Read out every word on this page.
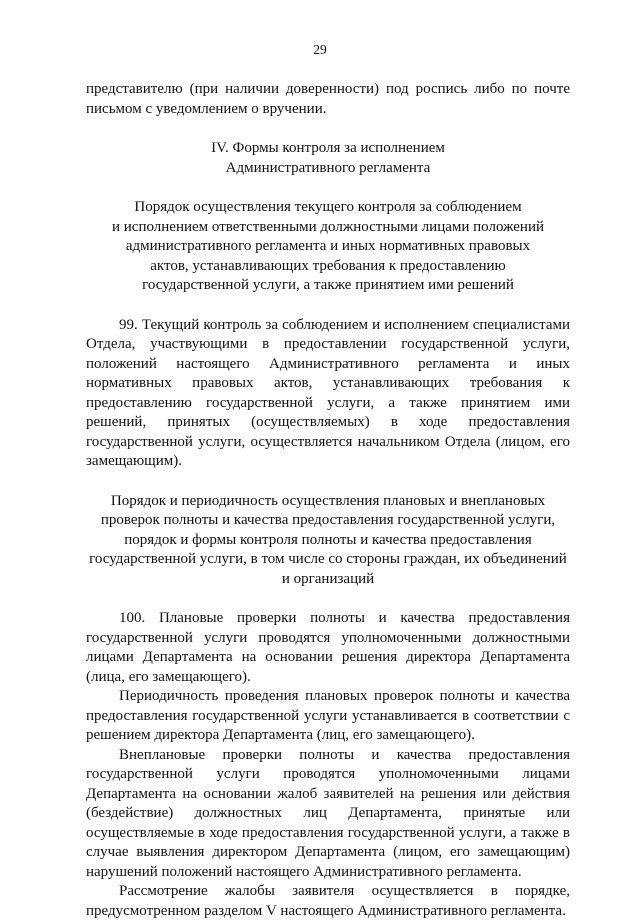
29

представителю (при наличии доверенности) под роспись либо по почте письмом с уведомлением о вручении.

IV. Формы контроля за исполнением

Административного регламента

Порядок осуществления текущего контроля за соблюдением

и исполнением ответственными должностными лицами положений

административного регламента и иных нормативных правовых

актов, устанавливающих требования к предоставлению

государственной услуги, а также принятием ими решений

99. Текущий контроль за соблюдением и исполнением специалистами Отдела, участвующими в предоставлении государственной услуги, положений настоящего Административного регламента и иных нормативных правовых актов, устанавливающих требования к предоставлению государственной услуги, а также принятием ими решений, принятых (осуществляемых) в ходе предоставления государственной услуги, осуществляется начальником Отдела (лицом, его замещающим).

Порядок и периодичность осуществления плановых и внеплановых

проверок полноты и качества предоставления государственной услуги,

порядок и формы контроля полноты и качества предоставления

государственной услуги, в том числе со стороны граждан, их объединений

и организаций

100. Плановые проверки полноты и качества предоставления государственной услуги проводятся уполномоченными должностными лицами Департамента на основании решения директора Департамента (лица, его замещающего).

Периодичность проведения плановых проверок полноты и качества предоставления государственной услуги устанавливается в соответствии с решением директора Департамента (лиц, его замещающего).

Внеплановые проверки полноты и качества предоставления государственной услуги проводятся уполномоченными лицами Департамента на основании жалоб заявителей на решения или действия (бездействие) должностных лиц Департамента, принятые или осуществляемые в ходе предоставления государственной услуги, а также в случае выявления директором Департамента (лицом, его замещающим) нарушений положений настоящего Административного регламента.

Рассмотрение жалобы заявителя осуществляется в порядке, предусмотренном разделом V настоящего Административного регламента.
